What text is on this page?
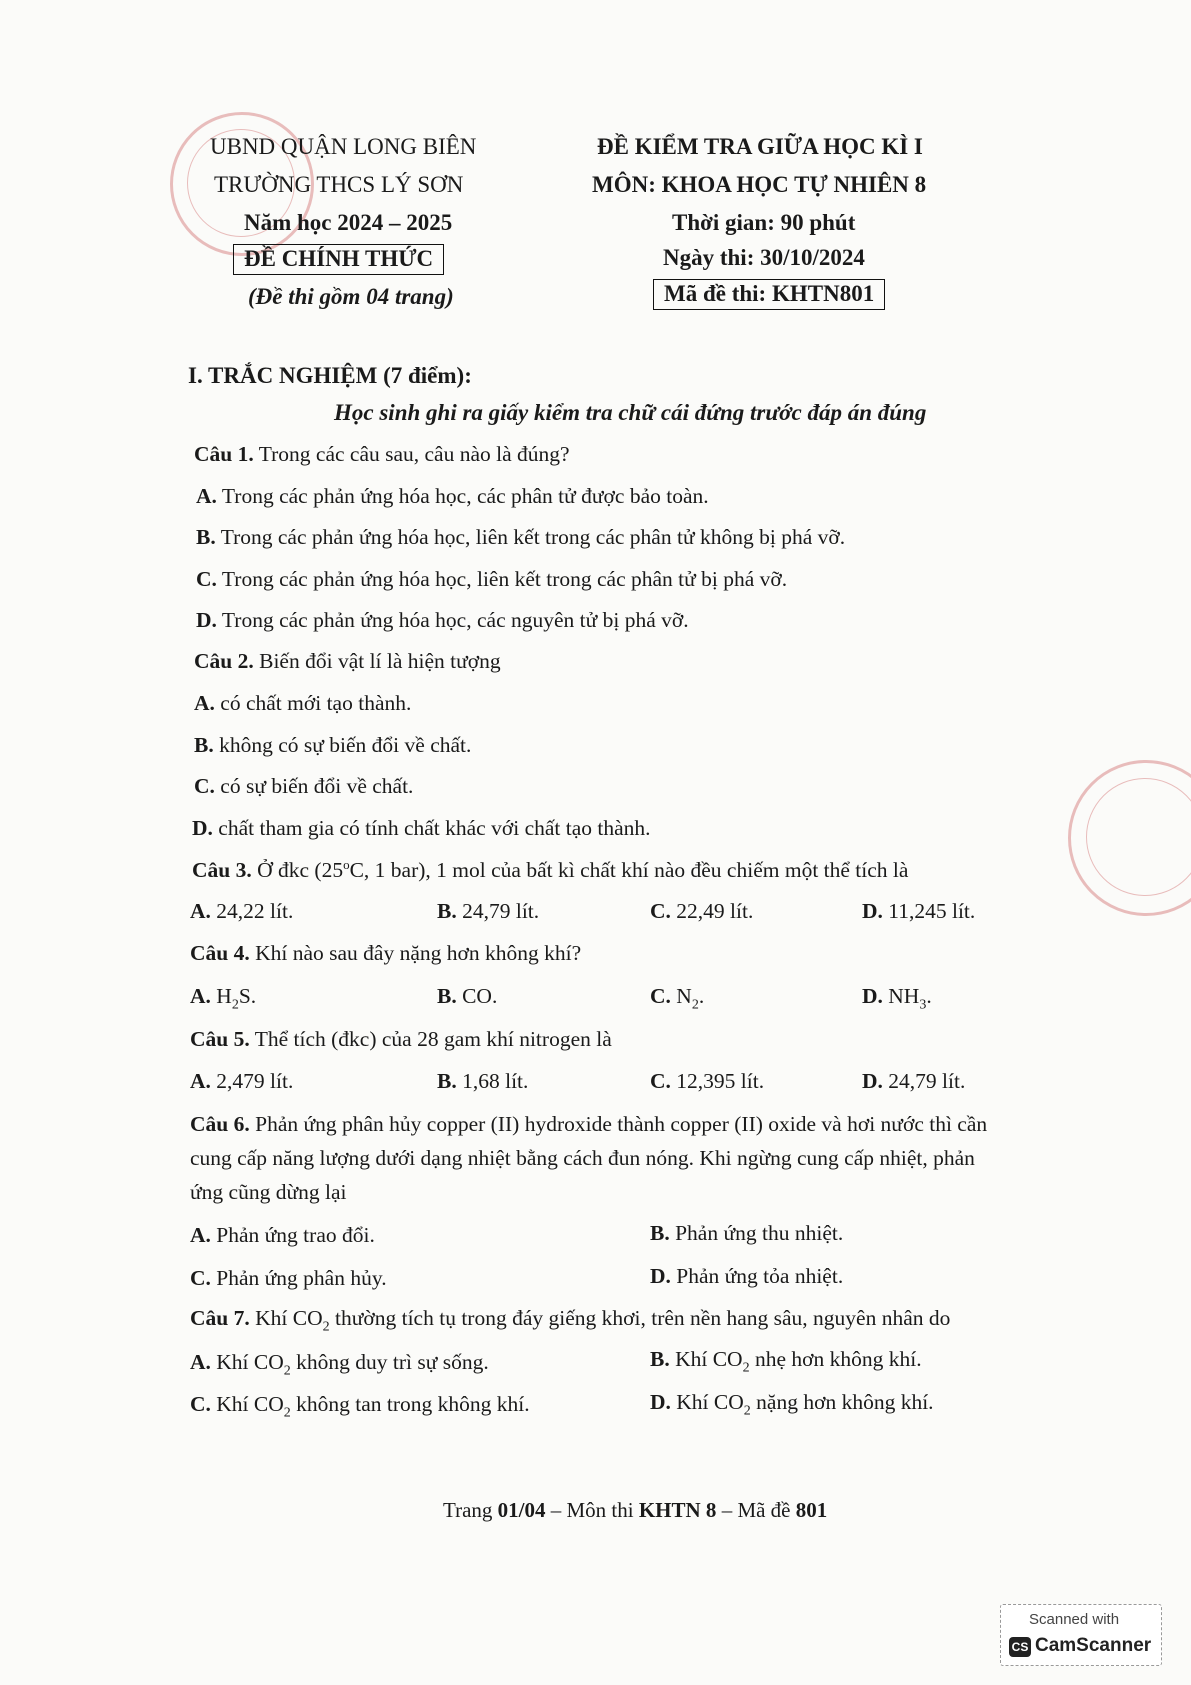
UBND QUẬN LONG BIÊN
TRƯỜNG THCS LÝ SƠN
Năm học 2024 – 2025
ĐỀ CHÍNH THỨC
(Đề thi gồm 04 trang)
ĐỀ KIỂM TRA GIỮA HỌC KÌ I
MÔN: KHOA HỌC TỰ NHIÊN 8
Thời gian: 90 phút
Ngày thi: 30/10/2024
Mã đề thi: KHTN801
I. TRẮC NGHIỆM (7 điểm):
Học sinh ghi ra giấy kiểm tra chữ cái đứng trước đáp án đúng
Câu 1. Trong các câu sau, câu nào là đúng?
A. Trong các phản ứng hóa học, các phân tử được bảo toàn.
B. Trong các phản ứng hóa học, liên kết trong các phân tử không bị phá vỡ.
C. Trong các phản ứng hóa học, liên kết trong các phân tử bị phá vỡ.
D. Trong các phản ứng hóa học, các nguyên tử bị phá vỡ.
Câu 2. Biến đổi vật lí là hiện tượng
A. có chất mới tạo thành.
B. không có sự biến đổi về chất.
C. có sự biến đổi về chất.
D. chất tham gia có tính chất khác với chất tạo thành.
Câu 3. Ở đkc (25$^o$C, 1 bar), 1 mol của bất kì chất khí nào đều chiếm một thể tích là
A. 24,22 lít.	B. 24,79 lít.	C. 22,49 lít.	D. 11,245 lít.
Câu 4. Khí nào sau đây nặng hơn không khí?
A. $H_2S$.	B. CO.	C. $N_2$.	D. $NH_3$.
Câu 5. Thể tích (đkc) của 28 gam khí nitrogen là
A. 2,479 lít.	B. 1,68 lít.	C. 12,395 lít.	D. 24,79 lít.
Câu 6. Phản ứng phân hủy copper (II) hydroxide thành copper (II) oxide và hơi nước thì cần
cung cấp năng lượng dưới dạng nhiệt bằng cách đun nóng. Khi ngừng cung cấp nhiệt, phản
ứng cũng dừng lại
A. Phản ứng trao đổi.	B. Phản ứng thu nhiệt.
C. Phản ứng phân hủy.	D. Phản ứng tỏa nhiệt.
Câu 7. Khí $CO_2$ thường tích tụ trong đáy giếng khơi, trên nền hang sâu, nguyên nhân do
A. Khí $CO_2$ không duy trì sự sống.	B. Khí $CO_2$ nhẹ hơn không khí.
C. Khí $CO_2$ không tan trong không khí.	D. Khí $CO_2$ nặng hơn không khí.
Trang 01/04 – Môn thi KHTN 8 – Mã đề 801
Scanned with
CS CamScanner
